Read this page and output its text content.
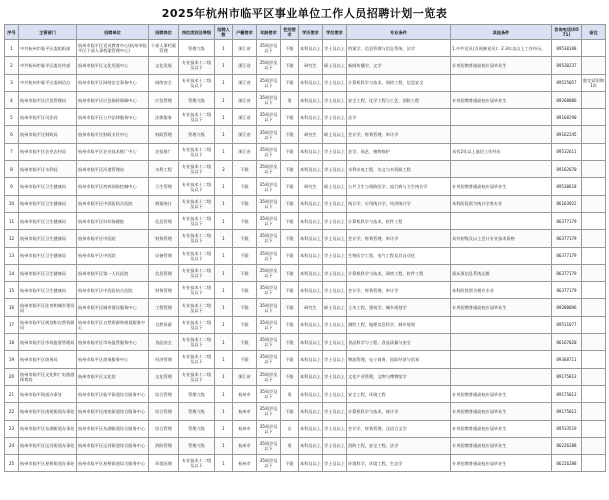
2025年杭州市临平区事业单位工作人员招聘计划一览表
序号	主管部门	招聘单位	招聘岗位	岗位类别及等级	招聘人数	户籍要求	年龄要求	性别要求	学历要求	学位要求	专业条件	其他条件	咨询电话(0571)	备注
1	中共杭州市临平区委组织部	杭州市临平区党员教育中心(杭州市临平区干部人事档案管理中心)	干部人事档案管理	管理九级	1	浙江省	35周岁及以下	不限	本科及以上	学士及以上	档案学，信息管理与信息系统，法学	1.中共党员(含预备党员)；2.3年及以上工作经历。	89530188	
2	中共杭州市临平区委宣传部	杭州市临平区文化发展中心	文化发展	专业技术十二级及以下	1	浙江省	35周岁及以下	不限	研究生	硕士及以上	新闻传播学，文学	专项招聘普通高校应届毕业生	89530237	
3	中共杭州市临平区委网信办	杭州市临平区网络安全事务中心	网络安全	专业技术十二级及以下	1	浙江省	35周岁及以下	不限	本科及以上	学士及以上	计算机科学与技术，网络工程，信息安全		89525057	限定试用期1年
4	杭州市临平区应急管理局	杭州市临平区应急指挥保障中心	应急管理	管理九级	1	浙江省	35周岁及以下	男	本科及以上	学士及以上	安全工程，化学工程与工艺，消防工程	专项招聘普通高校应届毕业生	89268006	
5	杭州市临平区司法局	杭州市临平区公共法律服务中心	法律服务	专业技术十二级及以下	1	浙江省	35周岁及以下	不限	本科及以上	学士及以上	法学		89168290	
6	杭州市临平区财政局	杭州市临平区财政支付中心	财政管理	管理九级	1	浙江省	35周岁及以下	不限	研究生	硕士及以上	会计学，财务管理，审计学		89162245	
7	杭州市临平区农业农村局	杭州市临平区农业技术推广中心	农技推广	专业技术十二级及以下	1	浙江省	35周岁及以下	不限	本科及以上	学士及以上	农学，园艺，植物保护	具有2年以上基层工作经历	89532611	
8	杭州市临平区水利局	杭州市临平区河道管理站	水利工程	专业技术十二级及以下	2	不限	35周岁及以下	不限	本科及以上	学士及以上	水利水电工程，水文与水资源工程		89162670	
9	杭州市临平区卫生健康局	杭州市临平区疾病预防控制中心	卫生管理	专业技术十二级及以下	1	不限	35周岁及以下	不限	研究生	硕士及以上	公共卫生与预防医学，流行病与卫生统计学	专项招聘普通高校应届毕业生	89530618	
10	杭州市临平区卫生健康局	杭州市临平区中西医结合医院	病案统计	专业技术十二级及以下	1	不限	35周岁及以下	不限	本科及以上	学士及以上	统计学，应用统计学，经济统计学	本科阶段须为统计学类专业	86163922	
11	杭州市临平区卫生健康局	杭州市临平区妇幼保健院	信息管理	专业技术十二级及以下	1	不限	35周岁及以下	不限	本科及以上	学士及以上	计算机科学与技术，软件工程		86377179	
12	杭州市临平区卫生健康局	杭州市临平区中医院	财务管理	专业技术十二级及以下	1	不限	35周岁及以下	不限	本科及以上	学士及以上	会计学，财务管理，审计学	具有初级及以上会计专业技术资格	86377179	
13	杭州市临平区卫生健康局	杭州市临平区中医院	设备管理	专业技术十二级及以下	1	不限	35周岁及以下	不限	本科及以上	学士及以上	生物医学工程，电气工程及其自动化		86377179	
14	杭州市临平区卫生健康局	杭州市临平区第一人民医院	信息管理	专业技术十二级及以下	1	不限	35周岁及以下	不限	本科及以上	学士及以上	计算机科学与技术，网络工程，软件工程	需从事信息系统运维	86377179	
15	杭州市临平区卫生健康局	杭州市临平区中西医结合医院	财务管理	专业技术十二级及以下	1	不限	35周岁及以下	不限	本科及以上	学士及以上	会计学，财务管理，审计学	本科阶段须为相应专业	86377179	
16	杭州市临平区住房和城乡建设局	杭州市临平区城市建设服务中心	工程管理	专业技术十二级及以下	1	不限	35周岁及以下	不限	研究生	硕士及以上	土木工程，建筑学，城乡规划学	专项招聘普通高校应届毕业生	89280096	
17	杭州市临平区规划和自然资源局	杭州市临平区自然资源和规划服务中心	自然资源	专业技术十二级及以下	1	不限	35周岁及以下	不限	本科及以上	学士及以上	测绘工程，地理信息科学，城乡规划		89531077	
18	杭州市临平区市场监督管理局	杭州市临平区市场监管服务中心	食品安全	专业技术十二级及以下	1	不限	35周岁及以下	不限	本科及以上	学士及以上	食品科学与工程，食品质量与安全		86167020	
19	杭州市临平区商务局	杭州市临平区商务服务中心	经济管理	专业技术十二级及以下	1	不限	35周岁及以下	不限	本科及以上	学士及以上	物流管理，电子商务，国际经济与贸易		89368711	
20	杭州市临平区文化和广电旅游体育局	杭州市临平区文化馆	文化管理	专业技术十二级及以下	1	浙江省	35周岁及以下	不限	本科及以上	学士及以上	文化产业管理，文物与博物馆学		89175013	
21	杭州市临平街道办事处	杭州市临平区临平街道综合服务中心	综合管理	管理九级	1	杭州市	35周岁及以下	男	本科及以上	学士及以上	安全工程，环境工程	专项招聘普通高校应届毕业生	89175013	
22	杭州市临平区南苑街道办事处	杭州市临平区南苑街道综合服务中心	综合管理	管理九级	1	杭州市	35周岁及以下	不限	本科及以上	学士及以上	计算机科学与技术，统计学	专项招聘普通高校应届毕业生	89175013	
23	杭州市临平区东湖街道办事处	杭州市临平区东湖街道综合服务中心	综合管理	管理九级	1	杭州市	35周岁及以下	女	本科及以上	学士及以上	会计学，财务管理，汉语言文学	专项招聘普通高校应届毕业生	89533519	
24	杭州市临平区运河街道办事处	杭州市临平区运河街道综合服务中心	消防管理	管理九级	1	杭州市	35周岁及以下	男	本科及以上	学士及以上	消防工程，安全工程，法学	专项招聘普通高校应届毕业生	86226288	
25	杭州市临平区星桥街道办事处	杭州市临平区星桥街道综合服务中心	环境治理	专业技术十二级及以下	1	杭州市	35周岁及以下	不限	本科及以上	学士及以上	环境科学，环境工程，生态学	专项招聘普通高校应届毕业生	86226288	
